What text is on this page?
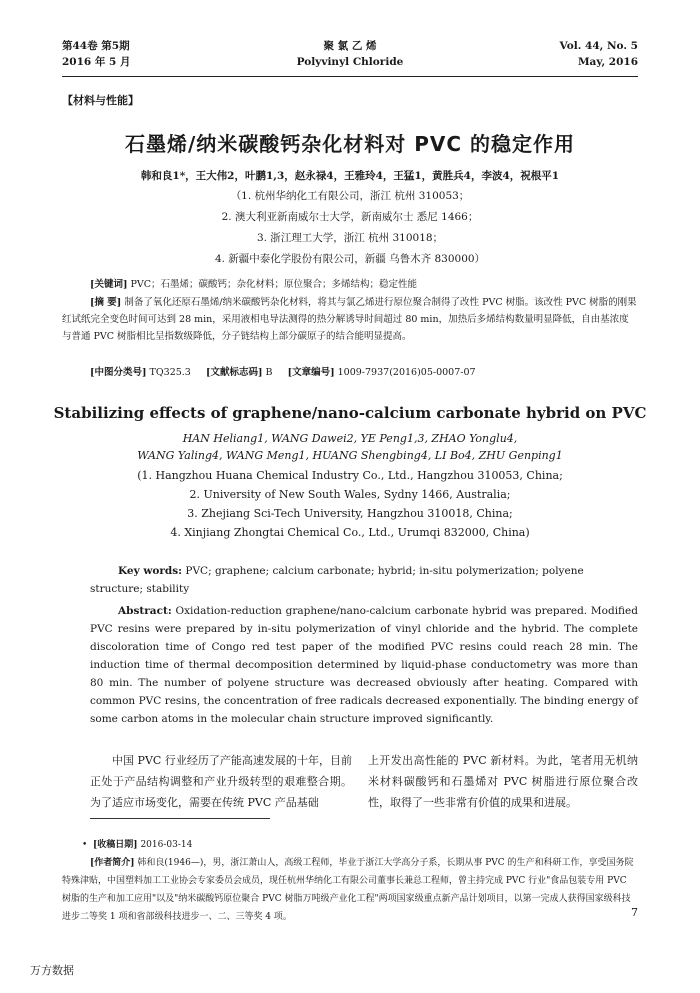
第44卷 第5期
2016 年 5 月
聚 氯 乙 烯
Polyvinyl Chloride
Vol. 44, No. 5
May, 2016
【材料与性能】
石墨烯/纳米碳酸钙杂化材料对 PVC 的稳定作用
韩和良1*，王大伟2，叶鹏1,3，赵永禄4，王雅玲4，王猛1，黄胜兵4，李波4，祝根平1
（1. 杭州华纳化工有限公司，浙江 杭州 310053；
2. 澳大利亚新南威尔士大学，新南威尔士 悉尼 1466；
3. 浙江理工大学，浙江 杭州 310018；
4. 新疆中泰化学股份有限公司，新疆 乌鲁木齐 830000）
[关键词] PVC；石墨烯；碳酸钙；杂化材料；原位聚合；多烯结构；稳定性能
[摘 要] 制备了氧化还原石墨烯/纳米碳酸钙杂化材料，将其与氯乙烯进行原位聚合制得了改性 PVC 树脂。该改性 PVC 树脂的刚果红试纸完全变色时间可达到 28 min，采用液相电导法测得的热分解诱导时间超过 80 min，加热后多烯结构数量明显降低，自由基浓度与普通 PVC 树脂相比呈指数级降低，分子链结构上部分碳原子的结合能明显提高。
[中图分类号] TQ325.3 [文献标志码] B [文章编号] 1009-7937(2016)05-0007-07
Stabilizing effects of graphene/nano-calcium carbonate hybrid on PVC
HAN Heliang1, WANG Dawei2, YE Peng1,3, ZHAO Yonglu4,
WANG Yaling4, WANG Meng1, HUANG Shengbing4, LI Bo4, ZHU Genping1
(1. Hangzhou Huana Chemical Industry Co., Ltd., Hangzhou 310053, China;
2. University of New South Wales, Sydny 1466, Australia;
3. Zhejiang Sci-Tech University, Hangzhou 310018, China;
4. Xinjiang Zhongtai Chemical Co., Ltd., Urumqi 832000, China)
Key words: PVC; graphene; calcium carbonate; hybrid; in-situ polymerization; polyene structure; stability
Abstract: Oxidation-reduction graphene/nano-calcium carbonate hybrid was prepared. Modified PVC resins were prepared by in-situ polymerization of vinyl chloride and the hybrid. The complete discoloration time of Congo red test paper of the modified PVC resins could reach 28 min. The induction time of thermal decomposition determined by liquid-phase conductometry was more than 80 min. The number of polyene structure was decreased obviously after heating. Compared with common PVC resins, the concentration of free radicals decreased exponentially. The binding energy of some carbon atoms in the molecular chain structure improved significantly.
中国 PVC 行业经历了产能高速发展的十年，目前正处于产品结构调整和产业升级转型的艰难整合期。为了适应市场变化，需要在传统 PVC 产品基础
上开发出高性能的 PVC 新材料。为此，笔者用无机纳米材料碳酸钙和石墨烯对 PVC 树脂进行原位聚合改性，取得了一些非常有价值的成果和进展。
• [收稿日期] 2016-03-14
[作者简介] 韩和良(1946—)，男，浙江萧山人，高级工程师，毕业于浙江大学高分子系，长期从事 PVC 的生产和科研工作，享受国务院特殊津贴，中国塑料加工工业协会专家委员会成员，现任杭州华纳化工有限公司董事长兼总工程师，曾主持完成 PVC 行业"食品包装专用 PVC 树脂的生产和加工应用"以及"纳米碳酸钙原位聚合 PVC 树脂万吨级产业化工程"两项国家级重点新产品计划项目，以第一完成人获得国家级科技进步二等奖 1 项和省部级科技进步一、二、三等奖 4 项。	7
万方数据
